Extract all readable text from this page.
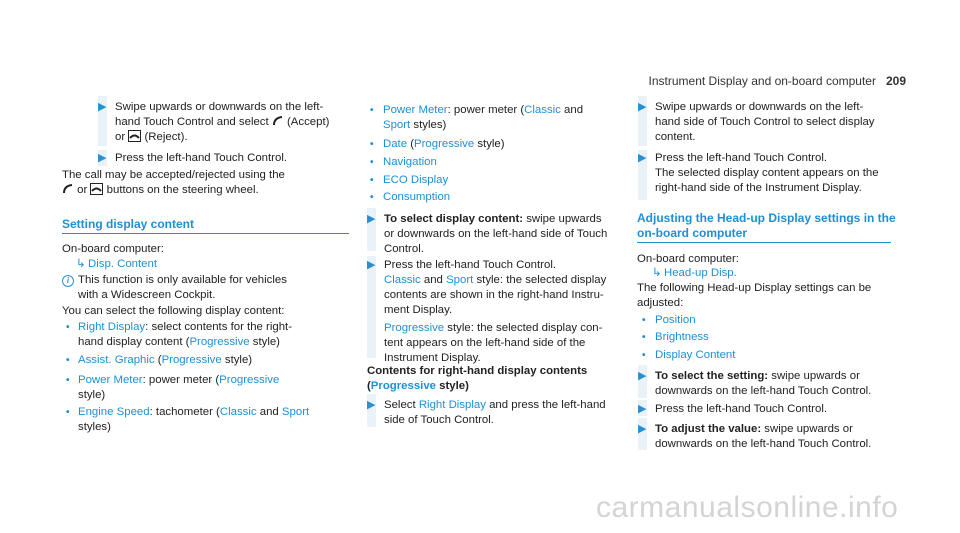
Instrument Display and on-board computer 209
▶ Swipe upwards or downwards on the left-
hand Touch Control and select (Accept)
or (Reject).
▶ Press the left-hand Touch Control.
The call may be accepted/rejected using the
or buttons on the steering wheel.
Setting display content
On-board computer:
↳ Disp. Content
i This function is only available for vehicles
with a Widescreen Cockpit.
You can select the following display content:
• Right Display: select contents for the right-
hand display content (Progressive style)
• Assist. Graphic (Progressive style)
• Power Meter: power meter (Progressive
style)
• Engine Speed: tachometer (Classic and Sport
styles)
• Power Meter: power meter (Classic and
Sport styles)
• Date (Progressive style)
• Navigation
• ECO Display
• Consumption
▶ To select display content: swipe upwards
or downwards on the left-hand side of Touch
Control.
▶ Press the left-hand Touch Control.
Classic and Sport style: the selected display
contents are shown in the right-hand Instru-
ment Display.
Progressive style: the selected display con-
tent appears on the left-hand side of the
Instrument Display.
Contents for right-hand display contents
(Progressive style)
▶ Select Right Display and press the left-hand
side of Touch Control.
▶ Swipe upwards or downwards on the left-
hand side of Touch Control to select display
content.
▶ Press the left-hand Touch Control.
The selected display content appears on the
right-hand side of the Instrument Display.
Adjusting the Head-up Display settings in the
on-board computer
On-board computer:
↳ Head-up Disp.
The following Head-up Display settings can be
adjusted:
• Position
• Brightness
• Display Content
▶ To select the setting: swipe upwards or
downwards on the left-hand Touch Control.
▶ Press the left-hand Touch Control.
▶ To adjust the value: swipe upwards or
downwards on the left-hand Touch Control.
carmanualsonline.info
